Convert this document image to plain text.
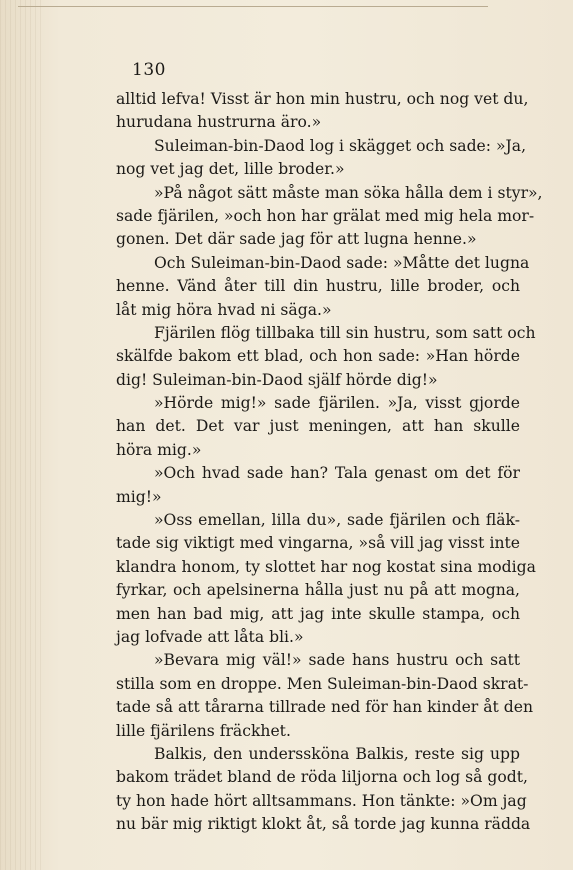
130
alltid lefva! Visst är hon min hustru, och nog vet du,
hurudana hustrurna äro.»
Suleiman-bin-Daod log i skägget och sade: »Ja,
nog vet jag det, lille broder.»
»På något sätt måste man söka hålla dem i styr»,
sade fjärilen, »och hon har grälat med mig hela mor-
gonen. Det där sade jag för att lugna henne.»
Och Suleiman-bin-Daod sade: »Måtte det lugna
henne. Vänd åter till din hustru, lille broder, och
låt mig höra hvad ni säga.»
Fjärilen flög tillbaka till sin hustru, som satt och
skälfde bakom ett blad, och hon sade: »Han hörde
dig! Suleiman-bin-Daod själf hörde dig!»
»Hörde mig!» sade fjärilen. »Ja, visst gjorde
han det. Det var just meningen, att han skulle
höra mig.»
»Och hvad sade han? Tala genast om det för
mig!»
»Oss emellan, lilla du», sade fjärilen och fläk-
tade sig viktigt med vingarna, »så vill jag visst inte
klandra honom, ty slottet har nog kostat sina modiga
fyrkar, och apelsinerna hålla just nu på att mogna,
men han bad mig, att jag inte skulle stampa, och
jag lofvade att låta bli.»
»Bevara mig väl!» sade hans hustru och satt
stilla som en droppe. Men Suleiman-bin-Daod skrat-
tade så att tårarna tillrade ned för han kinder åt den
lille fjärilens fräckhet.
Balkis, den underssköna Balkis, reste sig upp
bakom trädet bland de röda liljorna och log så godt,
ty hon hade hört alltsammans. Hon tänkte: »Om jag
nu bär mig riktigt klokt åt, så torde jag kunna rädda
